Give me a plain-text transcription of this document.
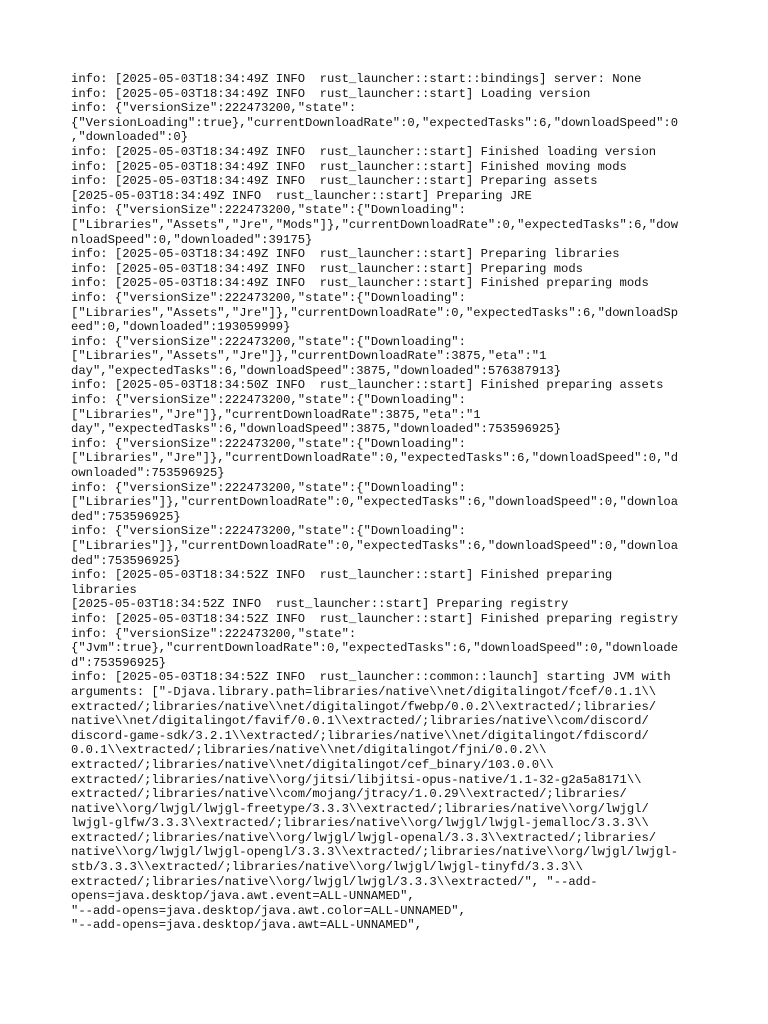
info: [2025-05-03T18:34:49Z INFO  rust_launcher::start::bindings] server: None
info: [2025-05-03T18:34:49Z INFO  rust_launcher::start] Loading version
info: {"versionSize":222473200,"state":
{"VersionLoading":true},"currentDownloadRate":0,"expectedTasks":6,"downloadSpeed":0
,"downloaded":0}
info: [2025-05-03T18:34:49Z INFO  rust_launcher::start] Finished loading version
info: [2025-05-03T18:34:49Z INFO  rust_launcher::start] Finished moving mods
info: [2025-05-03T18:34:49Z INFO  rust_launcher::start] Preparing assets
[2025-05-03T18:34:49Z INFO  rust_launcher::start] Preparing JRE
info: {"versionSize":222473200,"state":{"Downloading":
["Libraries","Assets","Jre","Mods"]},"currentDownloadRate":0,"expectedTasks":6,"dow
nloadSpeed":0,"downloaded":39175}
info: [2025-05-03T18:34:49Z INFO  rust_launcher::start] Preparing libraries
info: [2025-05-03T18:34:49Z INFO  rust_launcher::start] Preparing mods
info: [2025-05-03T18:34:49Z INFO  rust_launcher::start] Finished preparing mods
info: {"versionSize":222473200,"state":{"Downloading":
["Libraries","Assets","Jre"]},"currentDownloadRate":0,"expectedTasks":6,"downloadSp
eed":0,"downloaded":193059999}
info: {"versionSize":222473200,"state":{"Downloading":
["Libraries","Assets","Jre"]},"currentDownloadRate":3875,"eta":"1
day","expectedTasks":6,"downloadSpeed":3875,"downloaded":576387913}
info: [2025-05-03T18:34:50Z INFO  rust_launcher::start] Finished preparing assets
info: {"versionSize":222473200,"state":{"Downloading":
["Libraries","Jre"]},"currentDownloadRate":3875,"eta":"1
day","expectedTasks":6,"downloadSpeed":3875,"downloaded":753596925}
info: {"versionSize":222473200,"state":{"Downloading":
["Libraries","Jre"]},"currentDownloadRate":0,"expectedTasks":6,"downloadSpeed":0,"d
ownloaded":753596925}
info: {"versionSize":222473200,"state":{"Downloading":
["Libraries"]},"currentDownloadRate":0,"expectedTasks":6,"downloadSpeed":0,"downloa
ded":753596925}
info: {"versionSize":222473200,"state":{"Downloading":
["Libraries"]},"currentDownloadRate":0,"expectedTasks":6,"downloadSpeed":0,"downloa
ded":753596925}
info: [2025-05-03T18:34:52Z INFO  rust_launcher::start] Finished preparing
libraries
[2025-05-03T18:34:52Z INFO  rust_launcher::start] Preparing registry
info: [2025-05-03T18:34:52Z INFO  rust_launcher::start] Finished preparing registry
info: {"versionSize":222473200,"state":
{"Jvm":true},"currentDownloadRate":0,"expectedTasks":6,"downloadSpeed":0,"downloade
d":753596925}
info: [2025-05-03T18:34:52Z INFO  rust_launcher::common::launch] starting JVM with
arguments: ["-Djava.library.path=libraries/native\\net/digitalingot/fcef/0.1.1\\
extracted/;libraries/native\\net/digitalingot/fwebp/0.0.2\\extracted/;libraries/
native\\net/digitalingot/favif/0.0.1\\extracted/;libraries/native\\com/discord/
discord-game-sdk/3.2.1\\extracted/;libraries/native\\net/digitalingot/fdiscord/
0.0.1\\extracted/;libraries/native\\net/digitalingot/fjni/0.0.2\\
extracted/;libraries/native\\net/digitalingot/cef_binary/103.0.0\\
extracted/;libraries/native\\org/jitsi/libjitsi-opus-native/1.1-32-g2a5a8171\\
extracted/;libraries/native\\com/mojang/jtracy/1.0.29\\extracted/;libraries/
native\\org/lwjgl/lwjgl-freetype/3.3.3\\extracted/;libraries/native\\org/lwjgl/
lwjgl-glfw/3.3.3\\extracted/;libraries/native\\org/lwjgl/lwjgl-jemalloc/3.3.3\\
extracted/;libraries/native\\org/lwjgl/lwjgl-openal/3.3.3\\extracted/;libraries/
native\\org/lwjgl/lwjgl-opengl/3.3.3\\extracted/;libraries/native\\org/lwjgl/lwjgl-
stb/3.3.3\\extracted/;libraries/native\\org/lwjgl/lwjgl-tinyfd/3.3.3\\
extracted/;libraries/native\\org/lwjgl/lwjgl/3.3.3\\extracted/", "--add-
opens=java.desktop/java.awt.event=ALL-UNNAMED",
"--add-opens=java.desktop/java.awt.color=ALL-UNNAMED",
"--add-opens=java.desktop/java.awt=ALL-UNNAMED",
